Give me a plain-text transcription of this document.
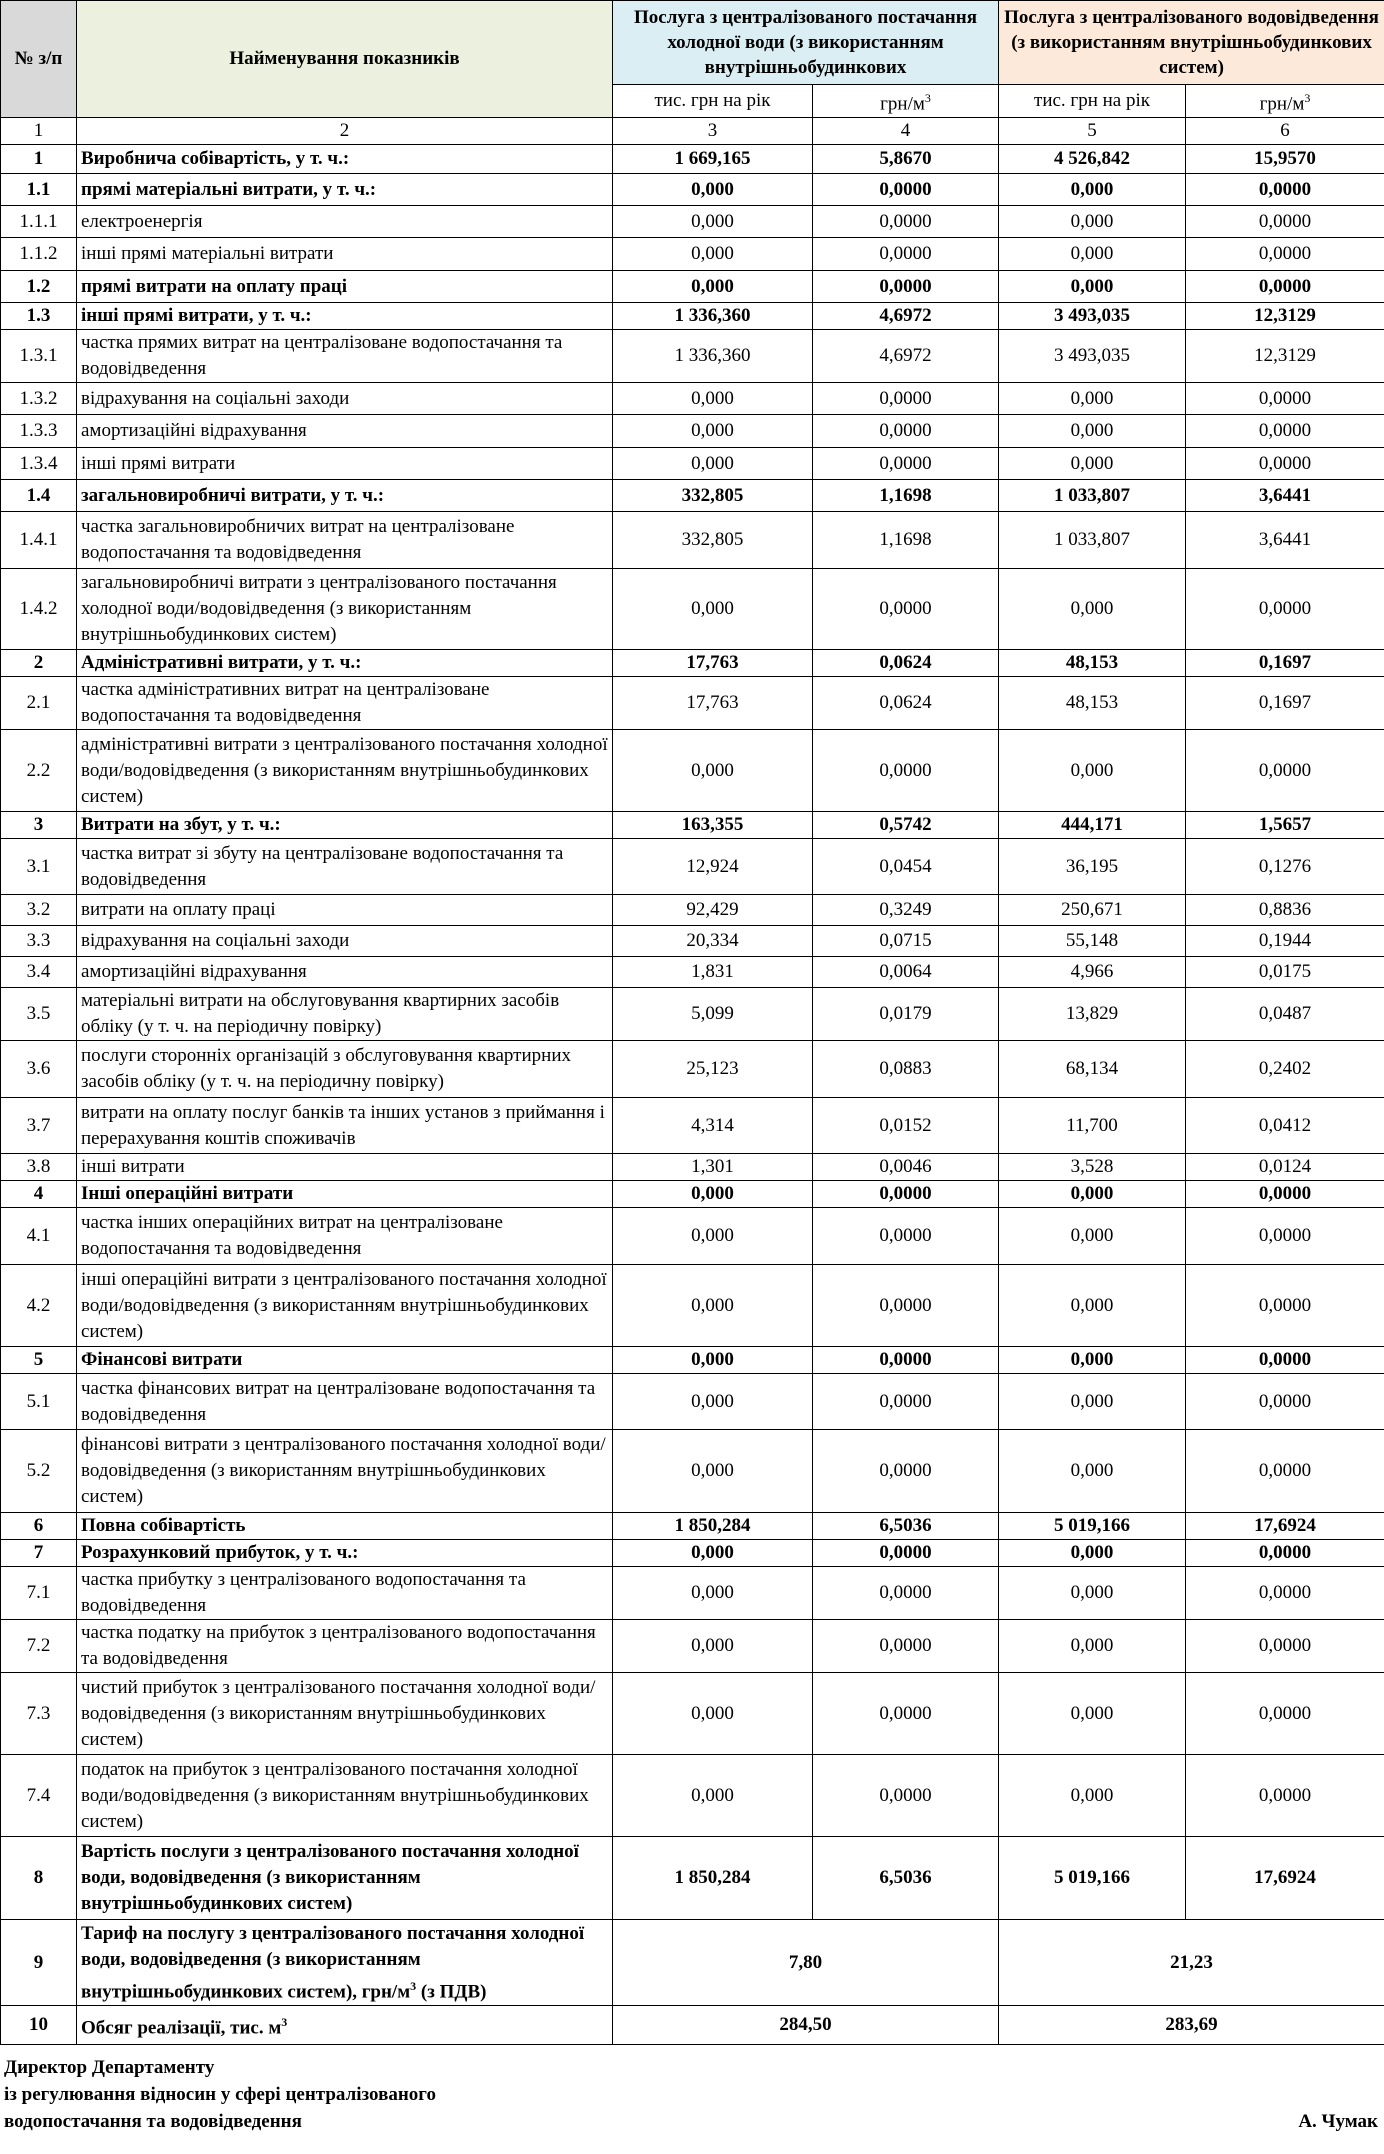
№ з/п	Найменування показників	Послуга з централізованого постачання холодної води (з використанням внутрішньобудинкових		Послуга з централізованого водовідведення (з використанням внутрішньобудинкових систем)	
		тис. грн на рік	грн/$м^3$	тис. грн на рік	грн/$м^3$
1	2	3	4	5	6
1	Виробнича собівартість, у т. ч.:	1 669,165	5,8670	4 526,842	15,9570
1.1	прямі матеріальні витрати, у т. ч.:	0,000	0,0000	0,000	0,0000
1.1.1	електроенергія	0,000	0,0000	0,000	0,0000
1.1.2	інші прямі матеріальні витрати	0,000	0,0000	0,000	0,0000
1.2	прямі витрати на оплату праці	0,000	0,0000	0,000	0,0000
1.3	інші прямі витрати, у т. ч.:	1 336,360	4,6972	3 493,035	12,3129
1.3.1	частка прямих витрат на централізоване водопостачання та водовідведення	1 336,360	4,6972	3 493,035	12,3129
1.3.2	відрахування на соціальні заходи	0,000	0,0000	0,000	0,0000
1.3.3	амортизаційні відрахування	0,000	0,0000	0,000	0,0000
1.3.4	інші прямі витрати	0,000	0,0000	0,000	0,0000
1.4	загальновиробничі витрати, у т. ч.:	332,805	1,1698	1 033,807	3,6441
1.4.1	частка загальновиробничих витрат на централізоване водопостачання та водовідведення	332,805	1,1698	1 033,807	3,6441
1.4.2	загальновиробничі витрати з централізованого постачання холодної води/водовідведення (з використанням внутрішньобудинкових систем)	0,000	0,0000	0,000	0,0000
2	Адміністративні витрати, у т. ч.:	17,763	0,0624	48,153	0,1697
2.1	частка адміністративних витрат на централізоване водопостачання та водовідведення	17,763	0,0624	48,153	0,1697
2.2	адміністративні витрати з централізованого постачання холодної води/водовідведення (з використанням внутрішньобудинкових систем)	0,000	0,0000	0,000	0,0000
3	Витрати на збут, у т. ч.:	163,355	0,5742	444,171	1,5657
3.1	частка витрат зі збуту на централізоване водопостачання та водовідведення	12,924	0,0454	36,195	0,1276
3.2	витрати на оплату праці	92,429	0,3249	250,671	0,8836
3.3	відрахування на соціальні заходи	20,334	0,0715	55,148	0,1944
3.4	амортизаційні відрахування	1,831	0,0064	4,966	0,0175
3.5	матеріальні витрати на обслуговування квартирних засобів обліку (у т. ч. на періодичну повірку)	5,099	0,0179	13,829	0,0487
3.6	послуги сторонніх організацій з обслуговування квартирних засобів обліку (у т. ч. на періодичну повірку)	25,123	0,0883	68,134	0,2402
3.7	витрати на оплату послуг банків та інших установ з приймання і перерахування коштів споживачів	4,314	0,0152	11,700	0,0412
3.8	інші витрати	1,301	0,0046	3,528	0,0124
4	Інші операційні витрати	0,000	0,0000	0,000	0,0000
4.1	частка інших операційних витрат на централізоване водопостачання та водовідведення	0,000	0,0000	0,000	0,0000
4.2	інші операційні витрати з централізованого постачання холодної води/водовідведення (з використанням внутрішньобудинкових систем)	0,000	0,0000	0,000	0,0000
5	Фінансові витрати	0,000	0,0000	0,000	0,0000
5.1	частка фінансових витрат на централізоване водопостачання та водовідведення	0,000	0,0000	0,000	0,0000
5.2	фінансові витрати з централізованого постачання холодної води/водовідведення (з використанням внутрішньобудинкових систем)	0,000	0,0000	0,000	0,0000
6	Повна собівартість	1 850,284	6,5036	5 019,166	17,6924
7	Розрахунковий прибуток, у т. ч.:	0,000	0,0000	0,000	0,0000
7.1	частка прибутку з централізованого водопостачання та водовідведення	0,000	0,0000	0,000	0,0000
7.2	частка податку на прибуток з централізованого водопостачання та водовідведення	0,000	0,0000	0,000	0,0000
7.3	чистий прибуток з централізованого постачання холодної води/водовідведення (з використанням внутрішньобудинкових систем)	0,000	0,0000	0,000	0,0000
7.4	податок на прибуток з централізованого постачання холодної води/водовідведення (з використанням внутрішньобудинкових систем)	0,000	0,0000	0,000	0,0000
8	Вартість послуги з централізованого постачання холодної води, водовідведення (з використанням внутрішньобудинкових систем)	1 850,284	6,5036	5 019,166	17,6924
9	Тариф на послугу з централізованого постачання холодної води, водовідведення (з використанням внутрішньобудинкових систем), грн/$м^3$ (з ПДВ)	7,80		21,23	
10	Обсяг реалізації, тис. $м^3$	284,50		283,69	
Директор Департаменту
із регулювання відносин у сфері централізованого
водопостачання та водовідведення	А. Чумак
